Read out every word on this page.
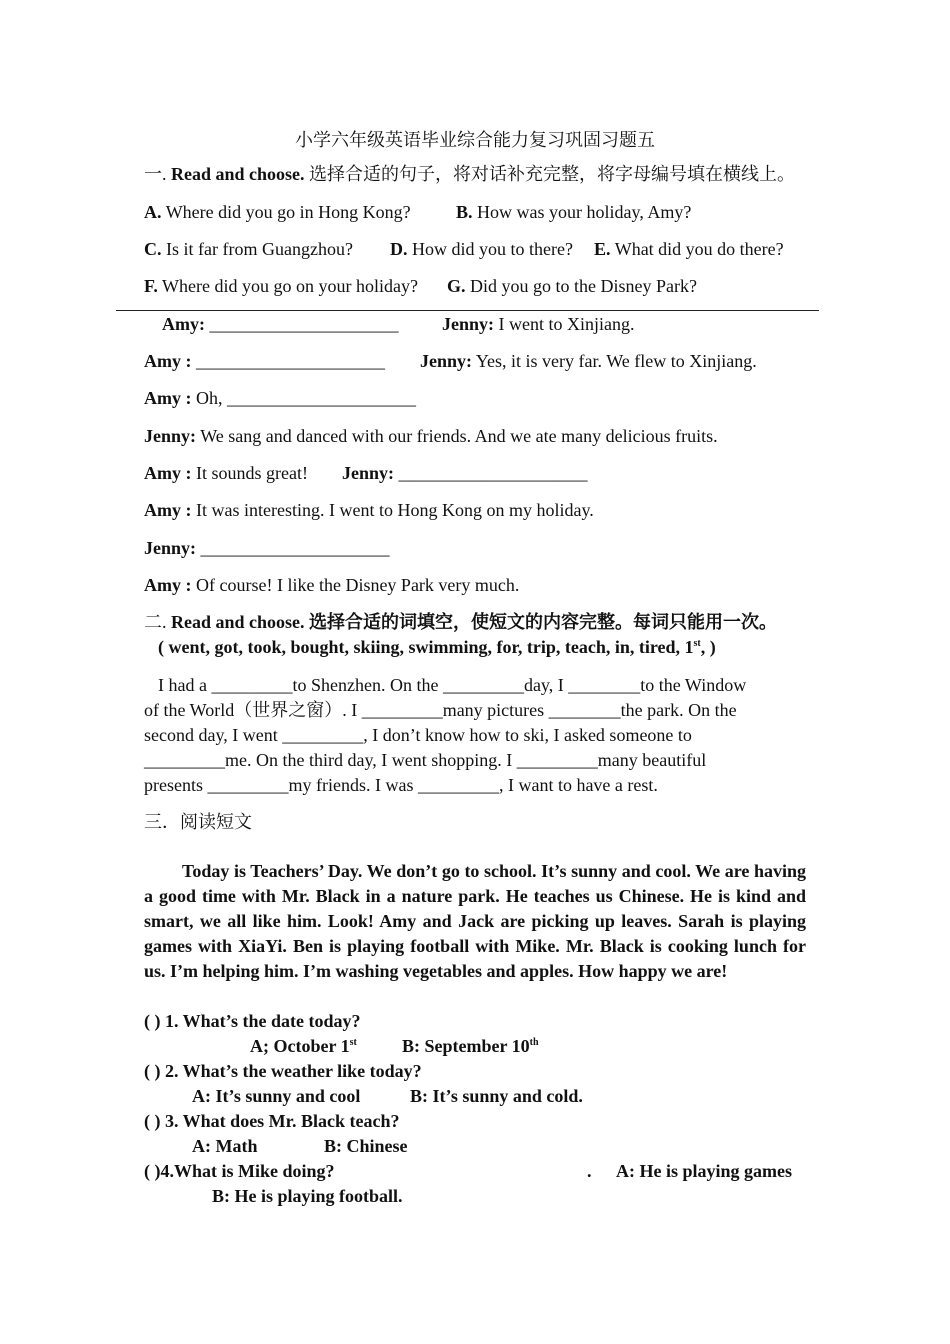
小学六年级英语毕业综合能力复习巩固习题五
一. Read and choose. 选择合适的句子，将对话补充完整，将字母编号填在横线上。
A. Where did you go in Hong Kong?	B. How was your holiday, Amy?
C. Is it far from Guangzhou? D. How did you to there? E. What did you do there?
F. Where did you go on your holiday? G. Did you go to the Disney Park?
Amy: _____________________ Jenny: I went to Xinjiang.
Amy : _____________________ Jenny: Yes, it is very far. We flew to Xinjiang.
Amy : Oh, _____________________
Jenny: We sang and danced with our friends. And we ate many delicious fruits.
Amy : It sounds great! Jenny: _____________________
Amy : It was interesting. I went to Hong Kong on my holiday.
Jenny: _____________________
Amy : Of course! I like the Disney Park very much.
二. Read and choose. 选择合适的词填空，使短文的内容完整。每词只能用一次。
( went, got, took, bought, skiing, swimming, for, trip, teach, in, tired, 1st, )
I had a _________to Shenzhen. On the _________day, I ________to the Window
of the World（世界之窗）. I _________many pictures ________the park. On the
second day, I went _________, I don’t know how to ski, I asked someone to
_________me. On the third day, I went shopping. I _________many beautiful
presents _________my friends. I was _________, I want to have a rest.
三．阅读短文
Today is Teachers’ Day. We don’t go to school. It’s sunny and cool. We are having a good time with Mr. Black in a nature park. He teaches us Chinese. He is kind and smart, we all like him. Look! Amy and Jack are picking up leaves. Sarah is playing games with XiaYi. Ben is playing football with Mike. Mr. Black is cooking lunch for us. I’m helping him. I’m washing vegetables and apples. How happy we are!
( ) 1. What’s the date today?
A; October 1st	B: September 10th
( ) 2. What’s the weather like today?
A: It’s sunny and cool	B: It’s sunny and cold.
( ) 3. What does Mr. Black teach?
A: Math	B: Chinese
( )4.What is Mike doing?	. A: He is playing games
B: He is playing football.
